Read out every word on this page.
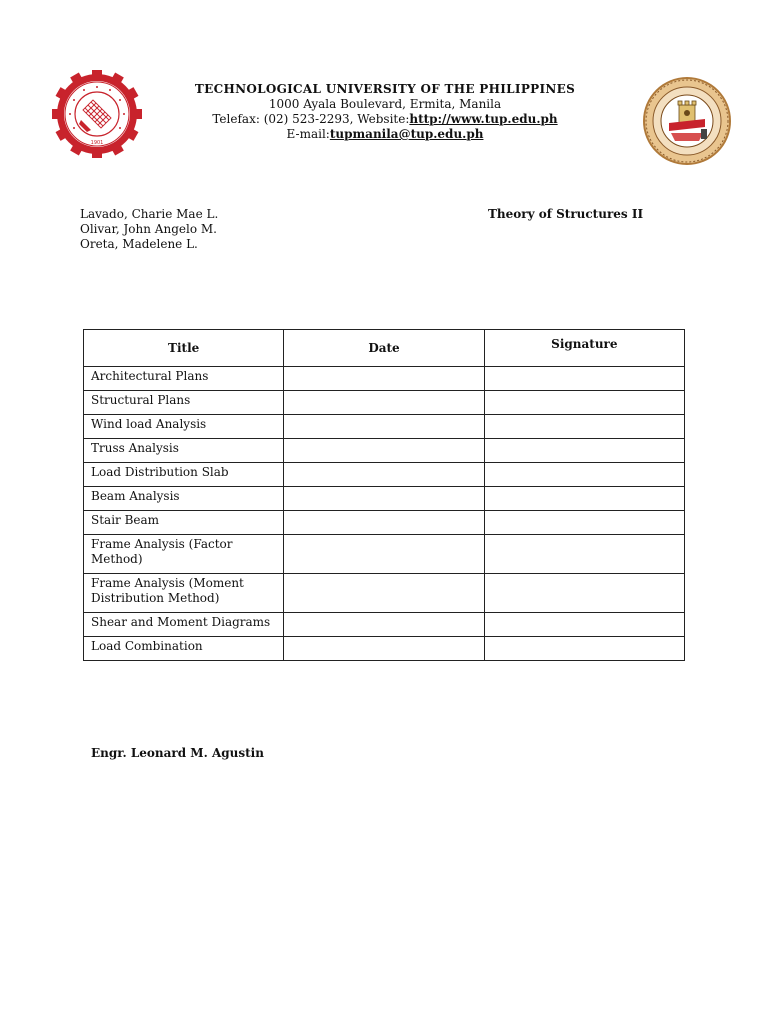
1901
TECHNOLOGICAL UNIVERSITY OF THE PHILIPPINES
1000 Ayala Boulevard, Ermita, Manila
Telefax: (02) 523-2293, Website:http://www.tup.edu.ph
E-mail:tupmanila@tup.edu.ph
Lavado, Charie Mae L.
Olivar, John Angelo M.
Oreta, Madelene L.
Theory of Structures II
Title	Date	Signature
Architectural Plans		
Structural Plans		
Wind load Analysis		
Truss Analysis		
Load Distribution Slab		
Beam Analysis		
Stair Beam		
Frame Analysis (Factor Method)		
Frame Analysis (Moment Distribution Method)		
Shear and Moment Diagrams		
Load Combination		
Engr. Leonard M. Agustin
